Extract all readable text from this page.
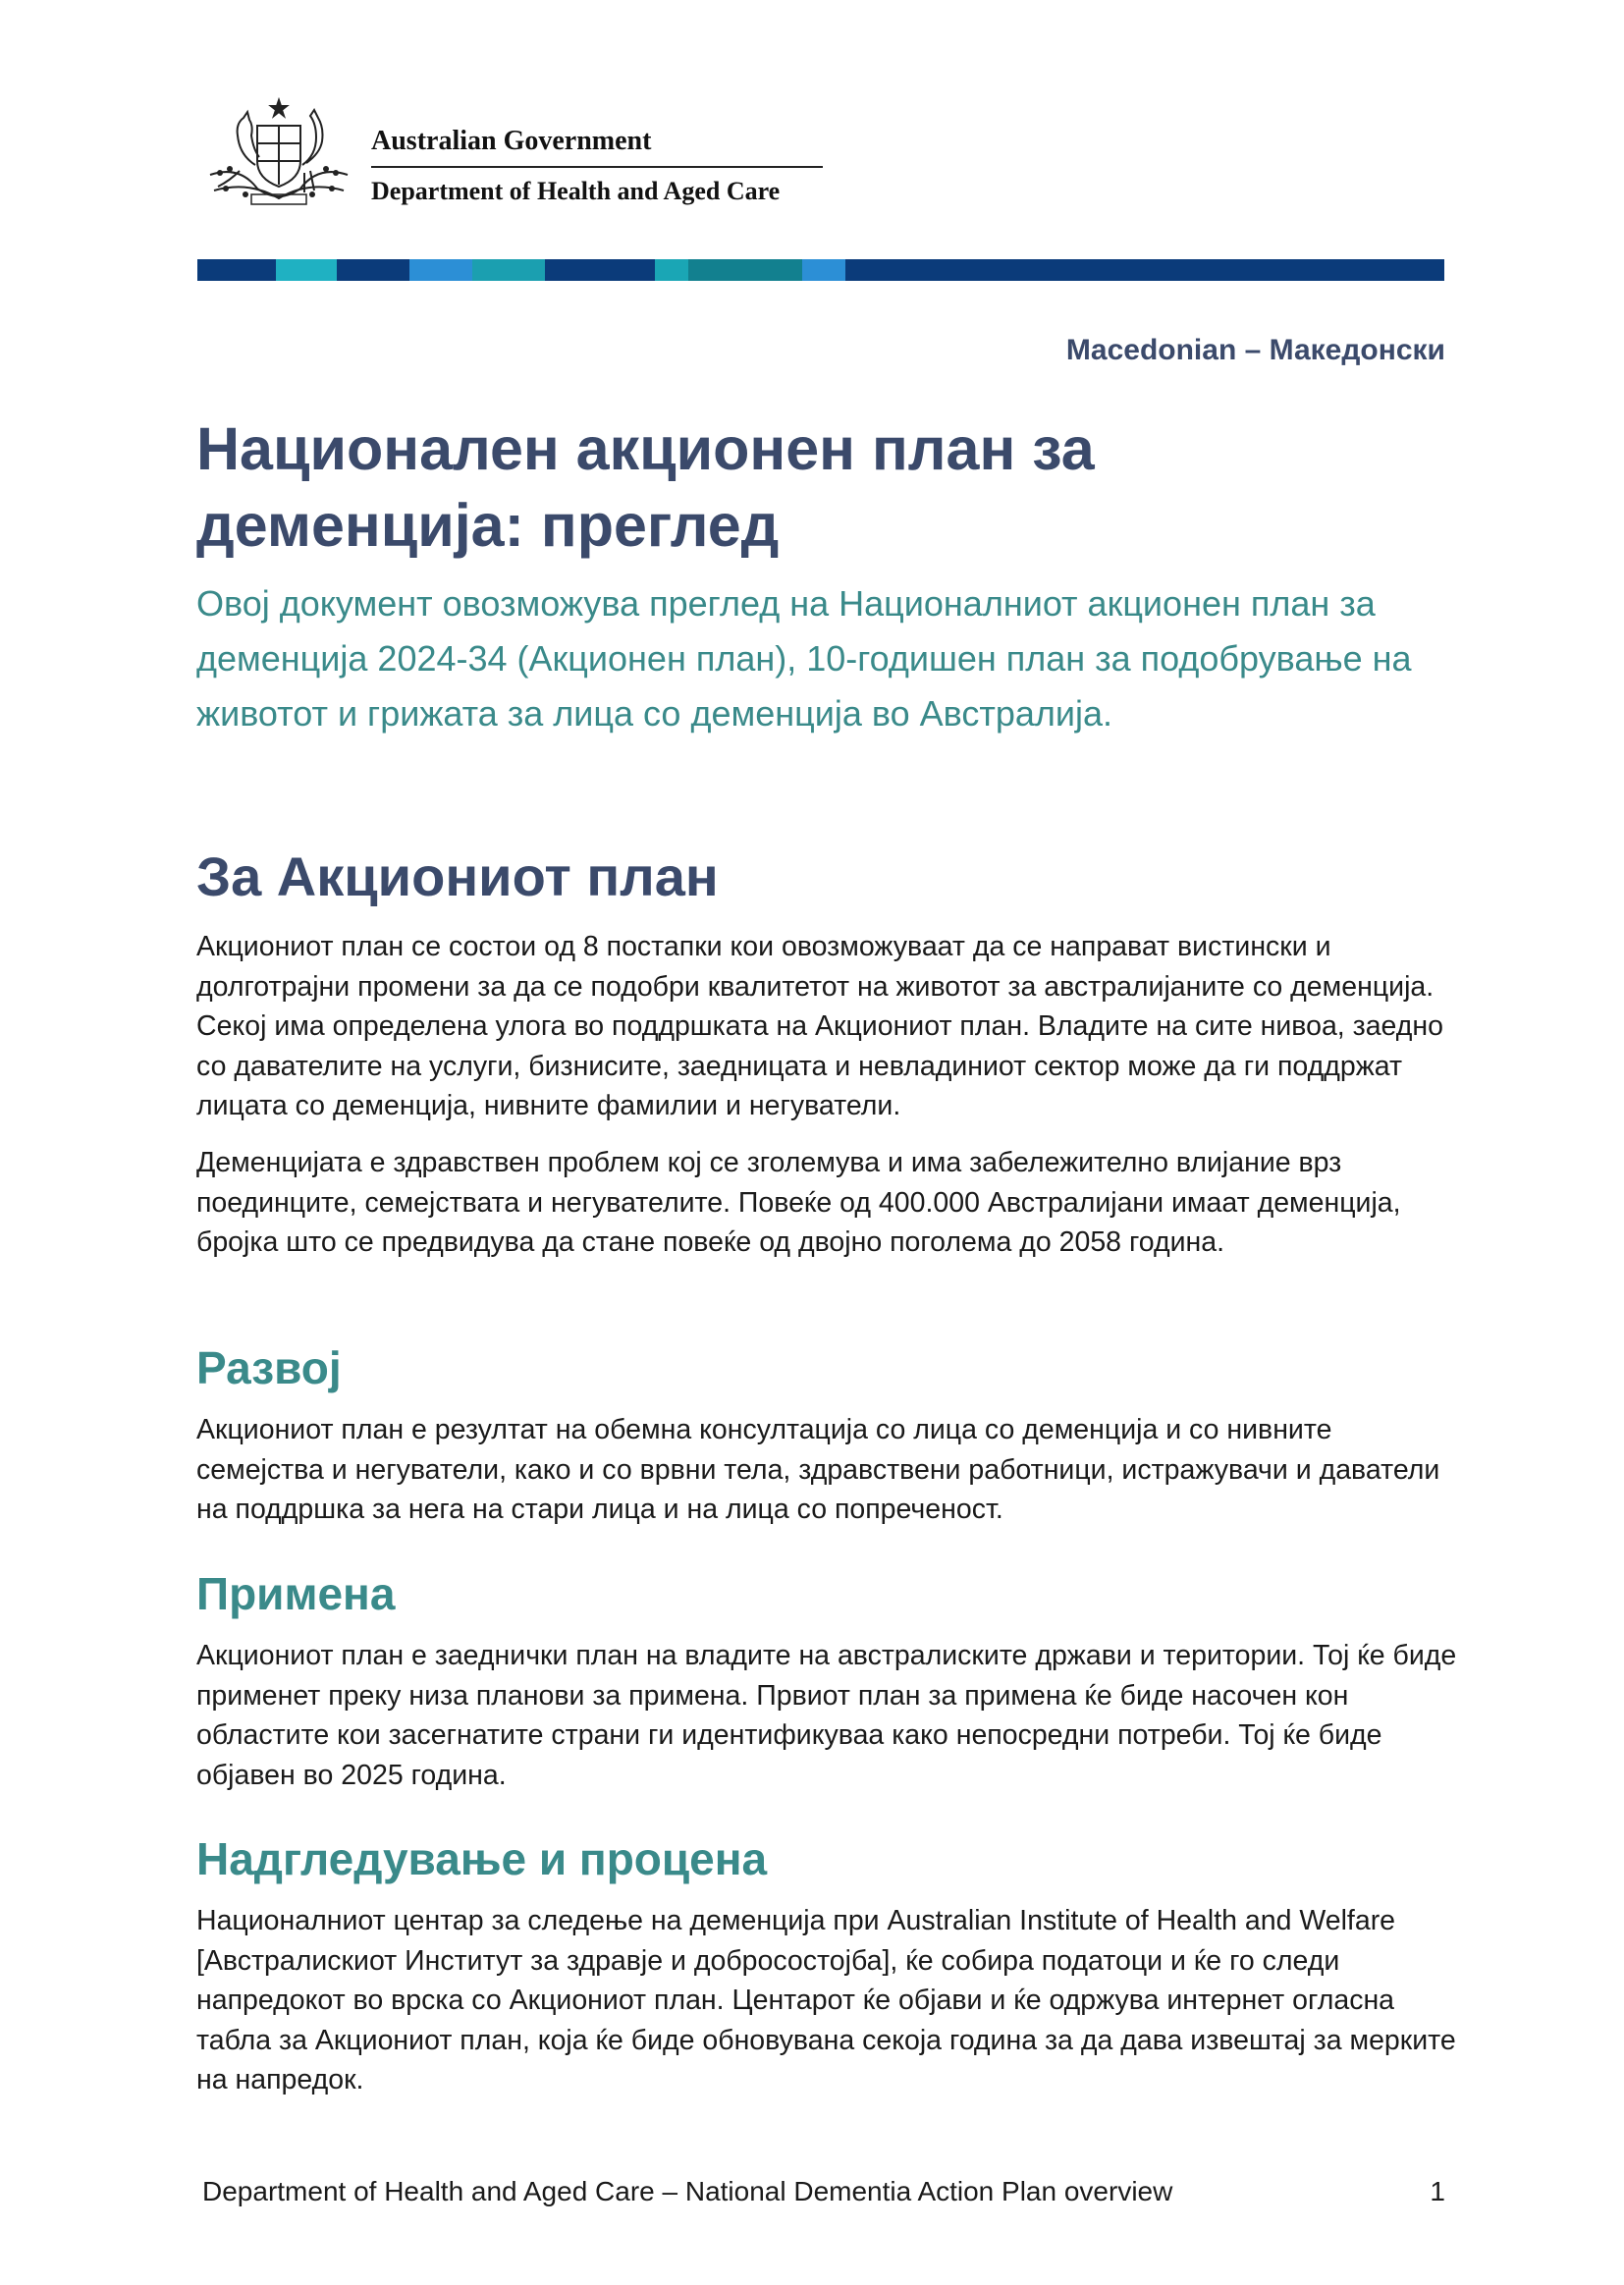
Australian Government
Department of Health and Aged Care
Macedonian – Македонски
Национален акционен план за деменција: преглед

Овој документ овозможува преглед на Националниот акционен план за деменција 2024-34 (Акционен план), 10-годишен план за подобрување на животот и грижата за лица со деменција во Австралија.

За Акциониот план

Акциониот план се состои од 8 постапки кои овозможуваат да се направат вистински и долготрајни промени за да се подобри квалитетот на животот за австралијаните со деменција. Секој има определена улога во поддршката на Акциониот план. Владите на сите нивоа, заедно со давателите на услуги, бизнисите, заедницата и невладиниот сектор може да ги поддржат лицата со деменција, нивните фамилии и негуватели.

Деменцијата е здравствен проблем кој се зголемува и има забележително влијание врз поединците, семејствата и негувателите. Повеќе од 400.000 Австралијани имаат деменција, бројка што се предвидува да стане повеќе од двојно поголема до 2058 година.

Развој

Акциониот план е резултат на обемна консултација со лица со деменција и со нивните семејства и негуватели, како и со врвни тела, здравствени работници, истражувачи и даватели на поддршка за нега на стари лица и на лица со попреченост.

Примена

Акциониот план е заеднички план на владите на австралиските држави и територии. Тој ќе биде применет преку низа планови за примена. Првиот план за примена ќе биде насочен кон областите кои засегнатите страни ги идентификуваа како непосредни потреби. Тој ќе биде објавен во 2025 година.

Надгледување и процена

Националниот центар за следење на деменција при Australian Institute of Health and Welfare [Австралискиот Институт за здравје и добросостојба], ќе собира податоци и ќе го следи напредокот во врска со Акциониот план. Центарот ќе објави и ќе одржува интернет огласна табла за Акциониот план, која ќе биде обновувана секоја година за да дава извештај за мерките на напредок.

Department of Health and Aged Care – National Dementia Action Plan overview	1
